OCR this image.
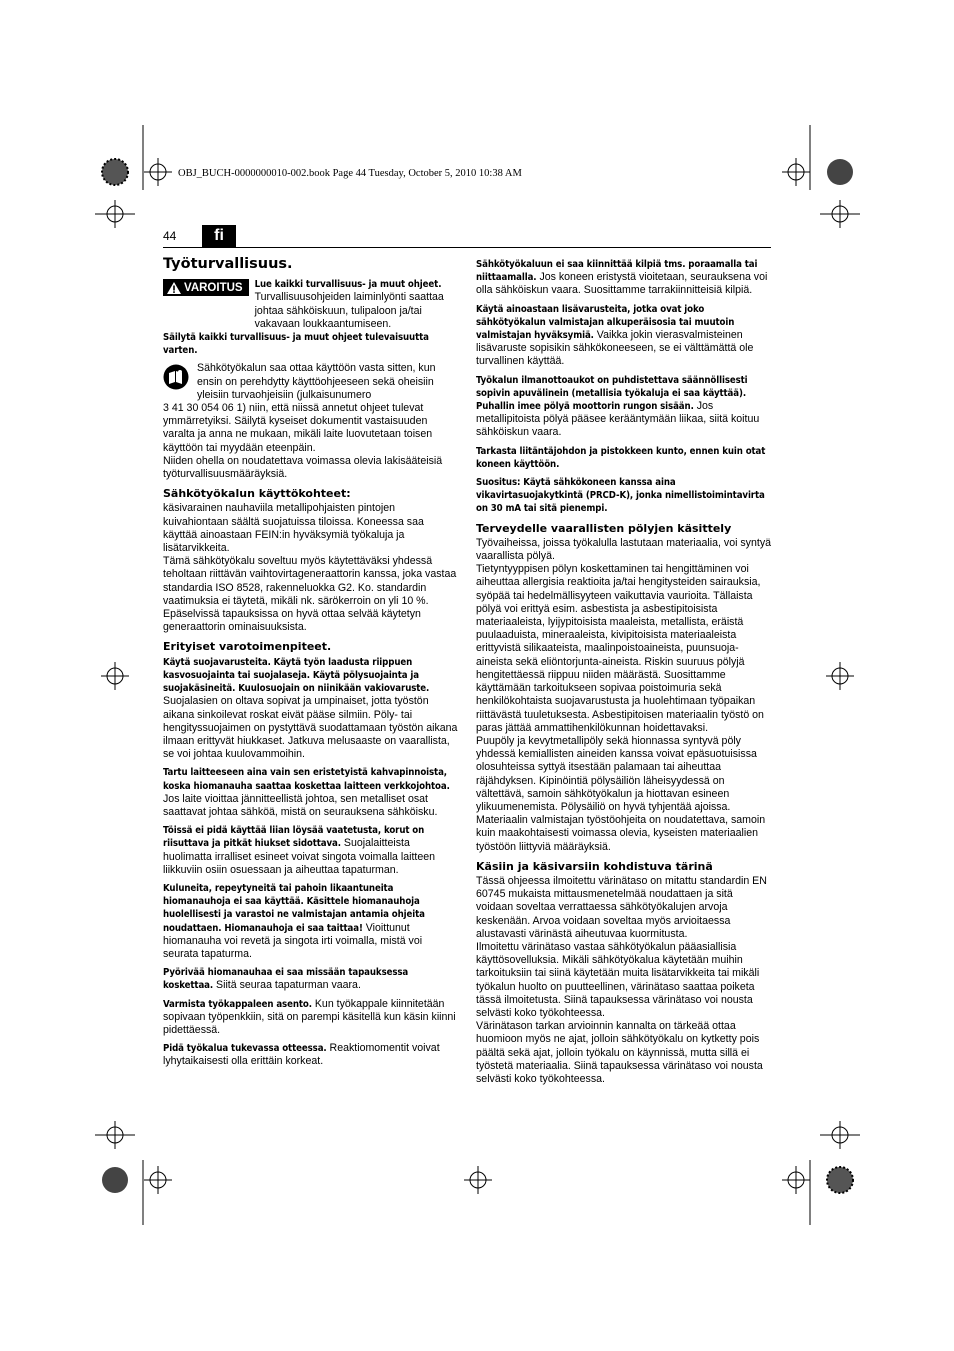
OBJ_BUCH-0000000010-002.book Page 44 Tuesday, October 5, 2010 10:38 AM
44	fi
Työturvallisuus.
VAROITUS Lue kaikki turvallisuus- ja muut ohjeet. Turvallisuusohjeiden laiminlyönti saattaa johtaa sähköiskuun, tulipaloon ja/tai vakavaan loukkaantumiseen.

Säilytä kaikki turvallisuus- ja muut ohjeet tulevaisuutta varten.

Sähkötyökalun saa ottaa käyttöön vasta sitten, kun ensin on perehdytty käyttöohjeeseen sekä oheisiin yleisiin turvaohjeisiin (julkaisunumero

3 41 30 054 06 1) niin, että niissä annetut ohjeet tulevat ymmärretyiksi. Säilytä kyseiset dokumentit vastaisuuden varalta ja anna ne mukaan, mikäli laite luovutetaan toisen käyttöön tai myydään eteenpäin.

Niiden ohella on noudatettava voimassa olevia lakisääteisiä työturvallisuusmääräyksiä.

Sähkötyökalun käyttökohteet:

käsivarainen nauhaviila metallipohjaisten pintojen kuivahiontaan säältä suojatuissa tiloissa. Koneessa saa käyttää ainoastaan FEIN:in hyväksymiä työkaluja ja lisätarvikkeita.

Tämä sähkötyökalu soveltuu myös käytettäväksi yhdessä teholtaan riittävän vaihtovirtageneraattorin kanssa, joka vastaa standardia ISO 8528, rakenneluokka G2. Ko. standardin vaatimuksia ei täytetä, mikäli nk. särökerroin on yli 10 %. Epäselvissä tapauksissa on hyvä ottaa selvää käytetyn generaattorin ominaisuuksista.

Erityiset varotoimenpiteet.

Käytä suojavarusteita. Käytä työn laadusta riippuen kasvosuojainta tai suojalaseja. Käytä pölysuojainta ja suojakäsineitä. Kuulosuojain on niinikään vakiovaruste. Suojalasien on oltava sopivat ja umpinaiset, jotta työstön aikana sinkoilevat roskat eivät pääse silmiin. Pöly- tai hengityssuojaimen on pystyttävä suodattamaan työstön aikana ilmaan erittyvät hiukkaset. Jatkuva melusaaste on vaarallista, se voi johtaa kuulovammoihin.

Tartu laitteeseen aina vain sen eristetyistä kahvapinnoista, koska hiomanauha saattaa koskettaa laitteen verkkojohtoa. Jos laite vioittaa jännitteellistä johtoa, sen metalliset osat saattavat johtaa sähköä, mistä on seurauksena sähköisku.

Töissä ei pidä käyttää liian löysää vaatetusta, korut on riisuttava ja pitkät hiukset sidottava. Suojalaitteista huolimatta irralliset esineet voivat singota voimalla laitteen liikkuviin osiin osuessaan ja aiheuttaa tapaturman.

Kuluneita, repeytyneitä tai pahoin likaantuneita hiomanauhoja ei saa käyttää. Käsittele hiomanauhoja huolellisesti ja varastoi ne valmistajan antamia ohjeita noudattaen. Hiomanauhoja ei saa taittaa! Vioittunut hiomanauha voi revetä ja singota irti voimalla, mistä voi seurata tapaturma.

Pyörivää hiomanauhaa ei saa missään tapauksessa koskettaa. Siitä seuraa tapaturman vaara.

Varmista työkappaleen asento. Kun työkappale kiinnitetään sopivaan työpenkkiin, sitä on parempi käsitellä kun käsin kiinni pidettäessä.

Pidä työkalua tukevassa otteessa. Reaktiomomentit voivat lyhytaikaisesti olla erittäin korkeat.

Sähkötyökaluun ei saa kiinnittää kilpiä tms. poraamalla tai niittaamalla. Jos koneen eristystä vioitetaan, seurauksena voi olla sähköiskun vaara. Suosittamme tarrakiinnitteisiä kilpiä.

Käytä ainoastaan lisävarusteita, jotka ovat joko sähkötyökalun valmistajan alkuperäisosia tai muutoin valmistajan hyväksymiä. Vaikka jokin vierasvalmisteinen lisävaruste sopisikin sähkökoneeseen, se ei välttämättä ole turvallinen käyttää.

Työkalun ilmanottoaukot on puhdistettava säännöllisesti sopivin apuvälinein (metallisia työkaluja ei saa käyttää). Puhallin imee pölyä moottorin rungon sisään. Jos metallipitoista pölyä pääsee kerääntymään liikaa, siitä koituu sähköiskun vaara.

Tarkasta liitäntäjohdon ja pistokkeen kunto, ennen kuin otat koneen käyttöön.

Suositus: Käytä sähkökoneen kanssa aina vikavirtasuojakytkintä (PRCD-K), jonka nimellistoimintavirta on 30 mA tai sitä pienempi.

Terveydelle vaarallisten pölyjen käsittely

Työvaiheissa, joissa työkalulla lastutaan materiaalia, voi syntyä vaarallista pölyä.

Tietyntyyppisen pölyn koskettaminen tai hengittäminen voi aiheuttaa allergisia reaktioita ja/tai hengitysteiden sairauksia, syöpää tai hedelmällisyyteen vaikuttavia vaurioita. Tällaista pölyä voi erittyä esim. asbestista ja asbestipitoisista materiaaleista, lyijypitoisista maaleista, metallista, eräistä puulaaduista, mineraaleista, kivipitoisista materiaaleista erittyvistä silikaateista, maalinpoistoaineista, puunsuoja-aineista sekä eliöntorjunta-aineista. Riskin suuruus pölyjä hengitettäessä riippuu niiden määrästä. Suosittamme käyttämään tarkoitukseen sopivaa poistoimuria sekä henkilökohtaista suojavarustusta ja huolehtimaan työpaikan riittävästä tuuletuksesta. Asbestipitoisen materiaalin työstö on paras jättää ammattihenkilökunnan hoidettavaksi.

Puupöly ja kevytmetallipöly sekä hionnassa syntyvä pöly yhdessä kemiallisten aineiden kanssa voivat epäsuotuisissa olosuhteissa syttyä itsestään palamaan tai aiheuttaa räjähdyksen. Kipinöintiä pölysäiliön läheisyydessä on vältettävä, samoin sähkötyökalun ja hiottavan esineen ylikuumenemista. Pölysäiliö on hyvä tyhjentää ajoissa. Materiaalin valmistajan työstöohjeita on noudatettava, samoin kuin maakohtaisesti voimassa olevia, kyseisten materiaalien työstöön liittyviä määräyksiä.

Käsiin ja käsivarsiin kohdistuva tärinä

Tässä ohjeessa ilmoitettu värinätaso on mitattu standardin EN 60745 mukaista mittausmenetelmää noudattaen ja sitä voidaan soveltaa verrattaessa sähkötyökalujen arvoja keskenään. Arvoa voidaan soveltaa myös arvioitaessa alustavasti värinästä aiheutuvaa kuormitusta.

Ilmoitettu värinätaso vastaa sähkötyökalun pääasiallisia käyttösovelluksia. Mikäli sähkötyökalua käytetään muihin tarkoituksiin tai siinä käytetään muita lisätarvikkeita tai mikäli työkalun huolto on puutteellinen, värinätaso saattaa poiketa tässä ilmoitetusta. Siinä tapauksessa värinätaso voi nousta selvästi koko työkohteessa.

Värinätason tarkan arvioinnin kannalta on tärkeää ottaa huomioon myös ne ajat, jolloin sähkötyökalu on kytketty pois päältä sekä ajat, jolloin työkalu on käynnissä, mutta sillä ei työstetä materiaalia. Siinä tapauksessa värinätaso voi nousta selvästi koko työkohteessa.
